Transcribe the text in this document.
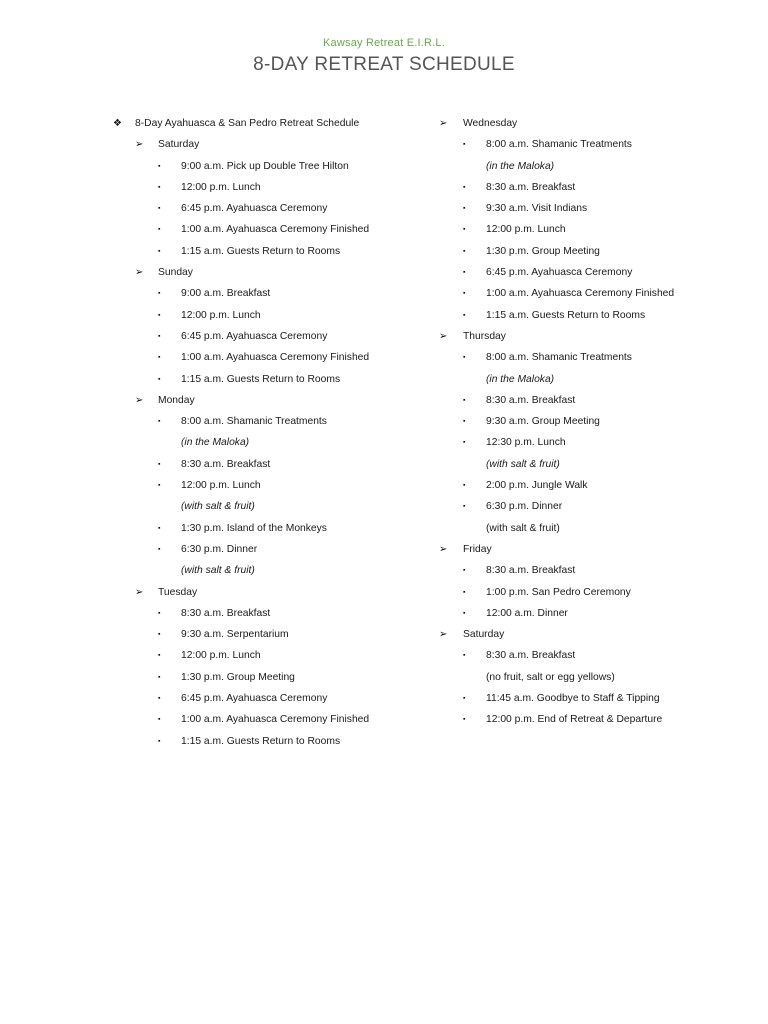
Kawsay Retreat E.I.R.L.
8-DAY RETREAT SCHEDULE
❖ 8-Day Ayahuasca & San Pedro Retreat Schedule
➢ Saturday
▪ 9:00 a.m. Pick up Double Tree Hilton
▪ 12:00 p.m. Lunch
▪ 6:45 p.m. Ayahuasca Ceremony
▪ 1:00 a.m. Ayahuasca Ceremony Finished
▪ 1:15 a.m. Guests Return to Rooms
➢ Sunday
▪ 9:00 a.m. Breakfast
▪ 12:00 p.m. Lunch
▪ 6:45 p.m. Ayahuasca Ceremony
▪ 1:00 a.m. Ayahuasca Ceremony Finished
▪ 1:15 a.m. Guests Return to Rooms
➢ Monday
▪ 8:00 a.m. Shamanic Treatments
(in the Maloka)
▪ 8:30 a.m. Breakfast
▪ 12:00 p.m. Lunch
(with salt & fruit)
▪ 1:30 p.m. Island of the Monkeys
▪ 6:30 p.m. Dinner
(with salt & fruit)
➢ Tuesday
▪ 8:30 a.m. Breakfast
▪ 9:30 a.m. Serpentarium
▪ 12:00 p.m. Lunch
▪ 1:30 p.m. Group Meeting
▪ 6:45 p.m. Ayahuasca Ceremony
▪ 1:00 a.m. Ayahuasca Ceremony Finished
▪ 1:15 a.m. Guests Return to Rooms
➢ Wednesday
▪ 8:00 a.m. Shamanic Treatments
(in the Maloka)
▪ 8:30 a.m. Breakfast
▪ 9:30 a.m. Visit Indians
▪ 12:00 p.m. Lunch
▪ 1:30 p.m. Group Meeting
▪ 6:45 p.m. Ayahuasca Ceremony
▪ 1:00 a.m. Ayahuasca Ceremony Finished
▪ 1:15 a.m. Guests Return to Rooms
➢ Thursday
▪ 8:00 a.m. Shamanic Treatments
(in the Maloka)
▪ 8:30 a.m. Breakfast
▪ 9:30 a.m. Group Meeting
▪ 12:30 p.m. Lunch
(with salt & fruit)
▪ 2:00 p.m. Jungle Walk
▪ 6:30 p.m. Dinner
(with salt & fruit)
➢ Friday
▪ 8:30 a.m. Breakfast
▪ 1:00 p.m. San Pedro Ceremony
▪ 12:00 a.m. Dinner
➢ Saturday
▪ 8:30 a.m. Breakfast
(no fruit, salt or egg yellows)
▪ 11:45 a.m. Goodbye to Staff & Tipping
▪ 12:00 p.m. End of Retreat & Departure
